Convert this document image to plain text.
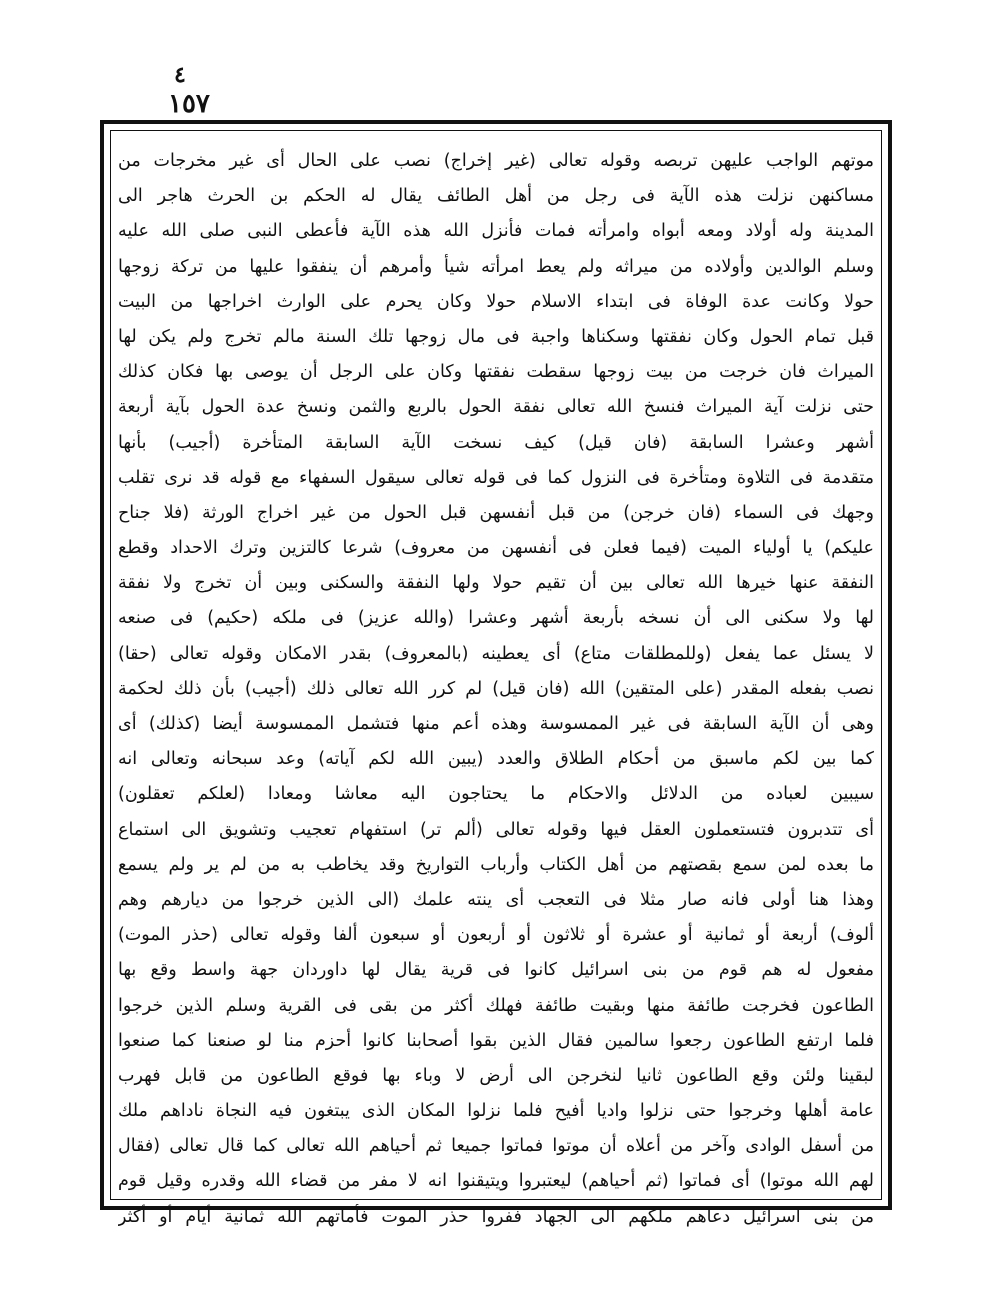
٤
١٥٧
موتهم الواجب عليهن تربصه وقوله تعالى (غير إخراج) نصب على الحال أى غير مخرجات من
مساكنهن نزلت هذه الآية فى رجل من أهل الطائف يقال له الحكم بن الحرث هاجر الى
المدينة وله أولاد ومعه أبواه وامرأته فمات فأنزل الله هذه الآية فأعطى النبى صلى الله عليه
وسلم الوالدين وأولاده من ميراثه ولم يعط امرأته شيأ وأمرهم أن ينفقوا عليها من تركة زوجها
حولا وكانت عدة الوفاة فى ابتداء الاسلام حولا وكان يحرم على الوارث اخراجها من البيت
قبل تمام الحول وكان نفقتها وسكناها واجبة فى مال زوجها تلك السنة مالم تخرج ولم يكن لها
الميراث فان خرجت من بيت زوجها سقطت نفقتها وكان على الرجل أن يوصى بها فكان كذلك
حتى نزلت آية الميراث فنسخ الله تعالى نفقة الحول بالربع والثمن ونسخ عدة الحول بآية أربعة
أشهر وعشرا السابقة (فان قيل) كيف نسخت الآية السابقة المتأخرة (أجيب) بأنها
متقدمة فى التلاوة ومتأخرة فى النزول كما فى قوله تعالى سيقول السفهاء مع قوله قد نرى تقلب
وجهك فى السماء (فان خرجن) من قبل أنفسهن قبل الحول من غير اخراج الورثة (فلا جناح
عليكم) يا أولياء الميت (فيما فعلن فى أنفسهن من معروف) شرعا كالتزين وترك الاحداد وقطع
النفقة عنها خيرها الله تعالى بين أن تقيم حولا ولها النفقة والسكنى وبين أن تخرج ولا نفقة
لها ولا سكنى الى أن نسخه بأربعة أشهر وعشرا (والله عزيز) فى ملكه (حكيم) فى صنعه
لا يسئل عما يفعل (وللمطلقات متاع) أى يعطينه (بالمعروف) بقدر الامكان وقوله تعالى (حقا)
نصب بفعله المقدر (على المتقين) الله (فان قيل) لم كرر الله تعالى ذلك (أجيب) بأن ذلك لحكمة
وهى أن الآية السابقة فى غير الممسوسة وهذه أعم منها فتشمل الممسوسة أيضا (كذلك) أى
كما بين لكم ماسبق من أحكام الطلاق والعدد (يبين الله لكم آياته) وعد سبحانه وتعالى انه
سيبين لعباده من الدلائل والاحكام ما يحتاجون اليه معاشا ومعادا (لعلكم تعقلون)
أى تتدبرون فتستعملون العقل فيها وقوله تعالى (ألم تر) استفهام تعجيب وتشويق الى استماع
ما بعده لمن سمع بقصتهم من أهل الكتاب وأرباب التواريخ وقد يخاطب به من لم ير ولم يسمع
وهذا هنا أولى فانه صار مثلا فى التعجب أى ينته علمك (الى الذين خرجوا من ديارهم وهم
ألوف) أربعة أو ثمانية أو عشرة أو ثلاثون أو أربعون أو سبعون ألفا وقوله تعالى (حذر الموت)
مفعول له هم قوم من بنى اسرائيل كانوا فى قرية يقال لها داوردان جهة واسط وقع بها
الطاعون فخرجت طائفة منها وبقيت طائفة فهلك أكثر من بقى فى القرية وسلم الذين خرجوا
فلما ارتفع الطاعون رجعوا سالمين فقال الذين بقوا أصحابنا كانوا أحزم منا لو صنعنا كما صنعوا
لبقينا ولئن وقع الطاعون ثانيا لنخرجن الى أرض لا وباء بها فوقع الطاعون من قابل فهرب
عامة أهلها وخرجوا حتى نزلوا واديا أفيح فلما نزلوا المكان الذى يبتغون فيه النجاة ناداهم ملك
من أسفل الوادى وآخر من أعلاه أن موتوا فماتوا جميعا ثم أحياهم الله تعالى كما قال تعالى (فقال
لهم الله موتوا) أى فماتوا (ثم أحياهم) ليعتبروا ويتيقنوا انه لا مفر من قضاء الله وقدره وقيل قوم
من بنى اسرائيل دعاهم ملكهم الى الجهاد ففروا حذر الموت فأماتهم الله ثمانية أيام أو أكثر
